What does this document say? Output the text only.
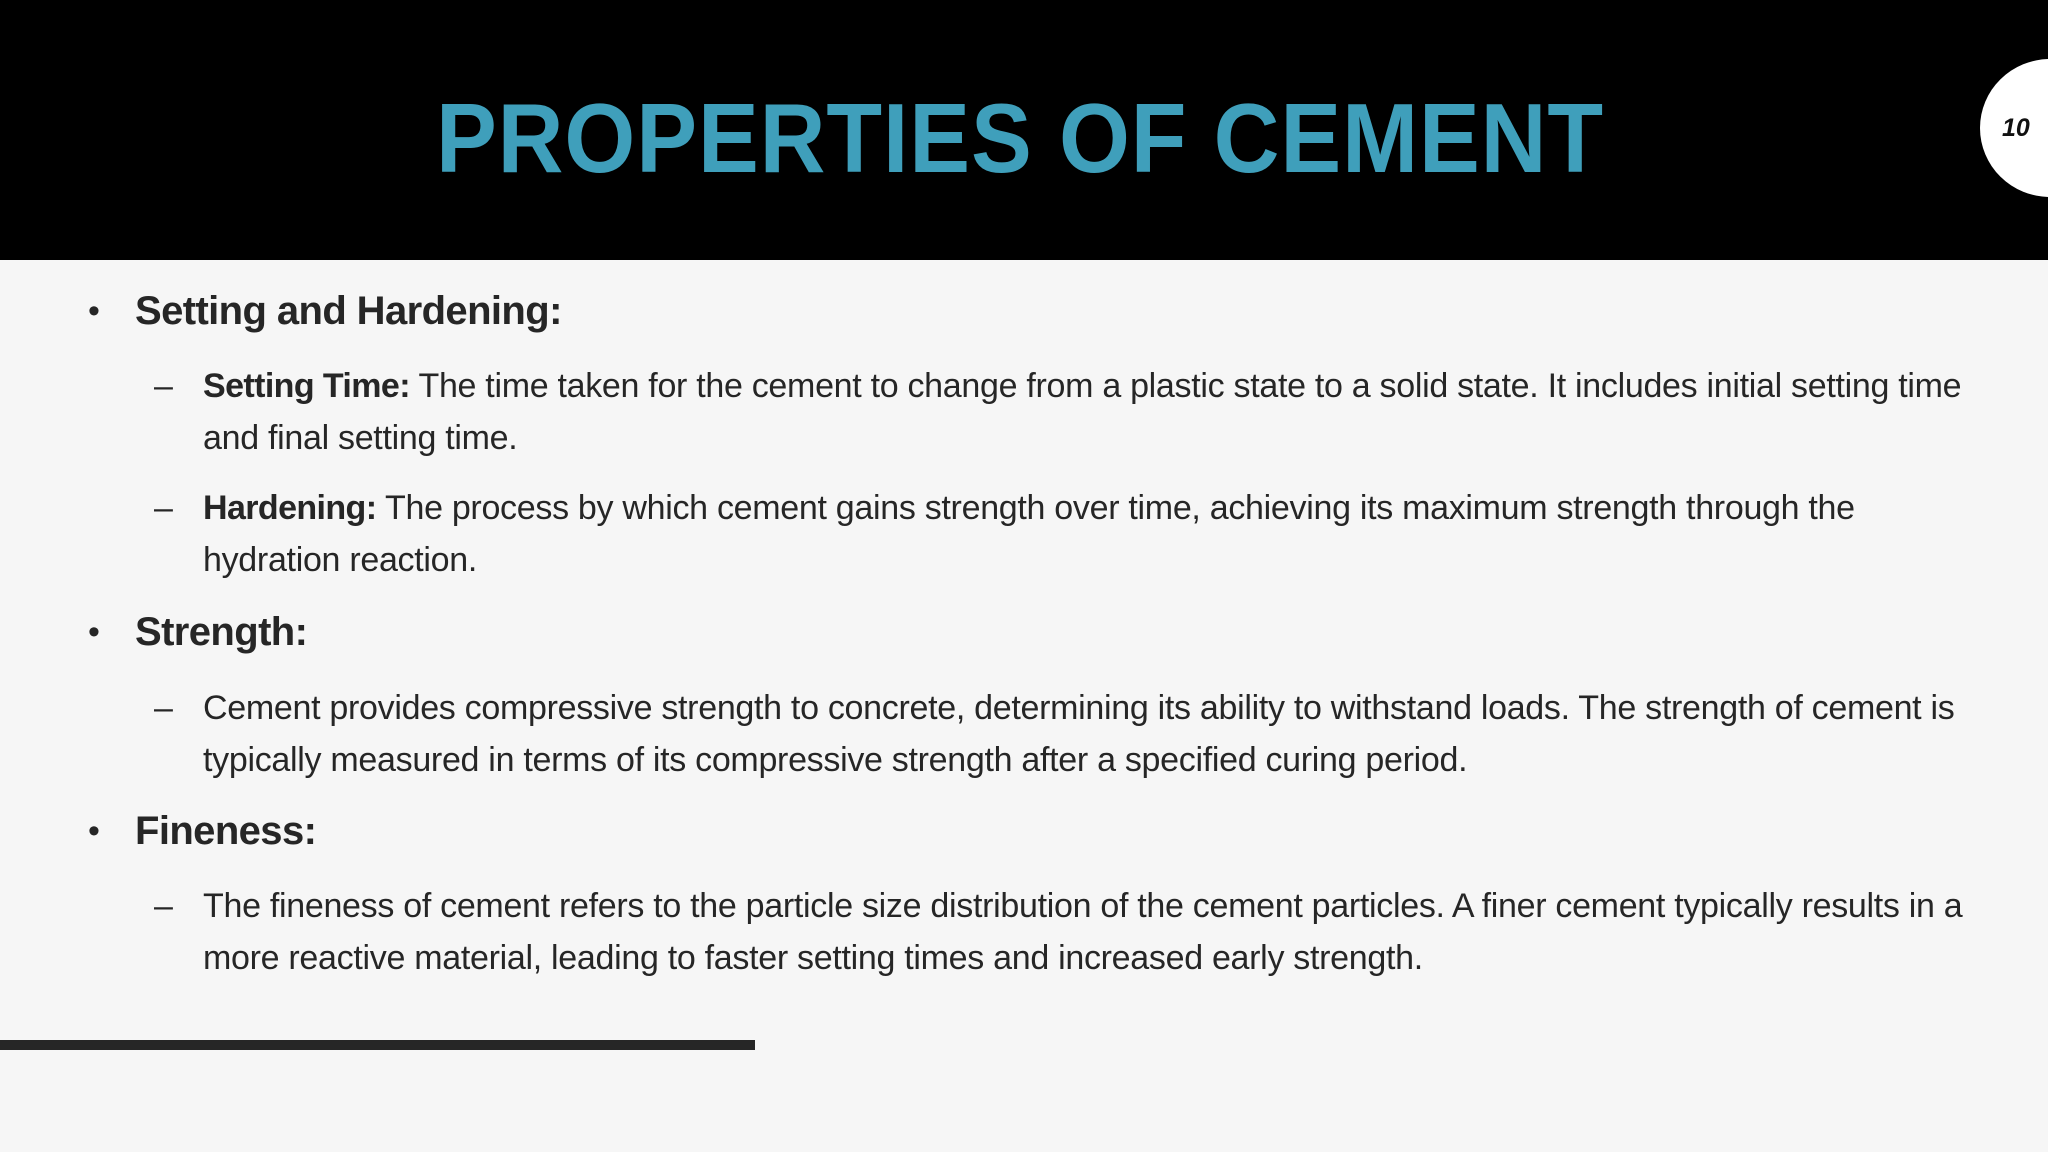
PROPERTIES OF CEMENT	10
• Setting and Hardening:
– Setting Time: The time taken for the cement to change from a plastic state to a solid state. It includes initial setting time and final setting time.
– Hardening: The process by which cement gains strength over time, achieving its maximum strength through the hydration reaction.
• Strength:
– Cement provides compressive strength to concrete, determining its ability to withstand loads. The strength of cement is typically measured in terms of its compressive strength after a specified curing period.
• Fineness:
– The fineness of cement refers to the particle size distribution of the cement particles. A finer cement typically results in a more reactive material, leading to faster setting times and increased early strength.
